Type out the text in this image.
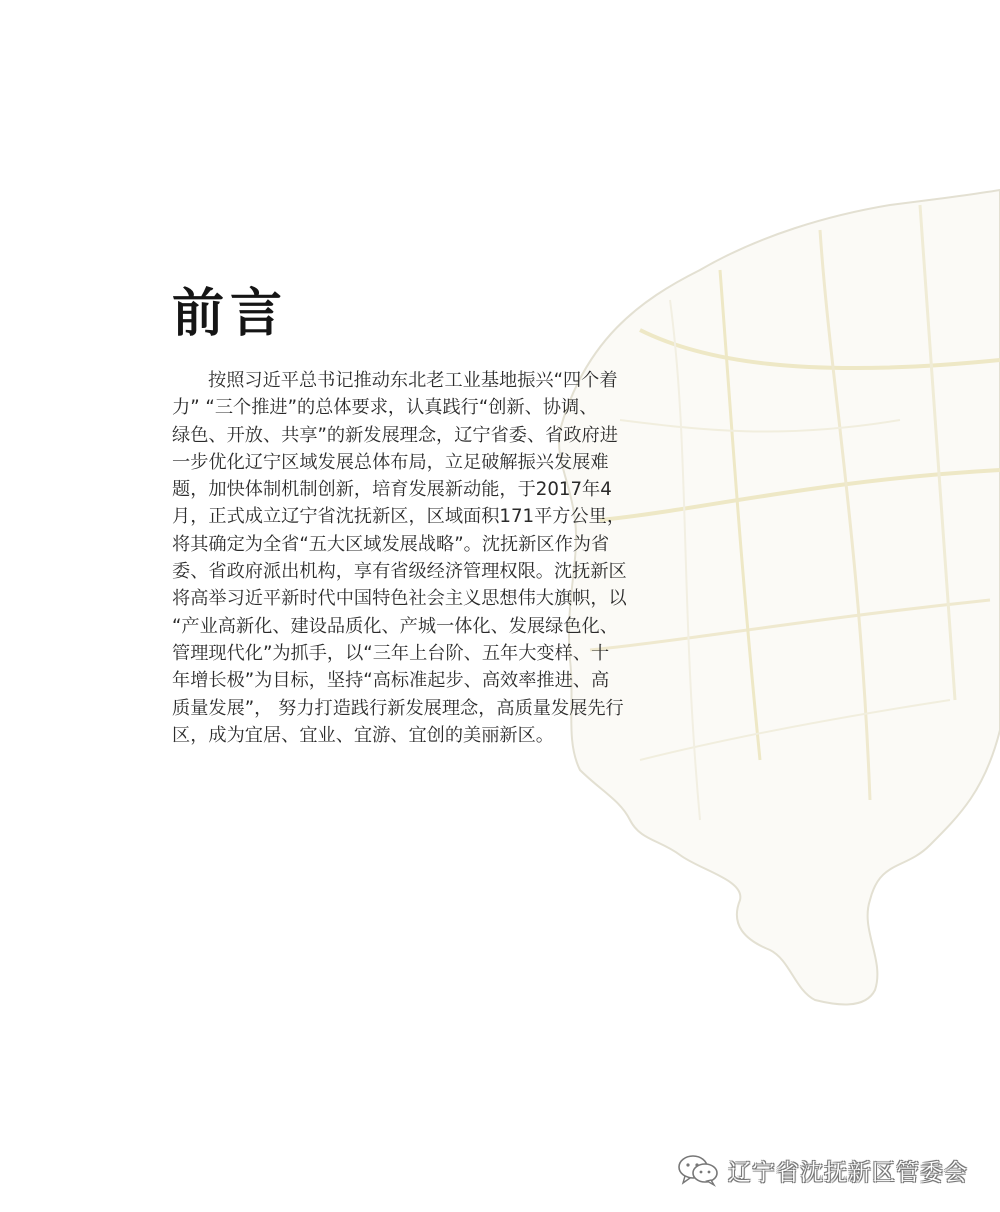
前言
按照习近平总书记推动东北老工业基地振兴“四个着
力” “三个推进”的总体要求，认真践行“创新、协调、
绿色、开放、共享”的新发展理念，辽宁省委、省政府进
一步优化辽宁区域发展总体布局，立足破解振兴发展难
题，加快体制机制创新，培育发展新动能，于2017年4
月，正式成立辽宁省沈抚新区，区域面积171平方公里，
将其确定为全省“五大区域发展战略”。沈抚新区作为省
委、省政府派出机构，享有省级经济管理权限。沈抚新区
将高举习近平新时代中国特色社会主义思想伟大旗帜，以
“产业高新化、建设品质化、产城一体化、发展绿色化、
管理现代化”为抓手，以“三年上台阶、五年大变样、十
年增长极”为目标，坚持“高标准起步、高效率推进、高
质量发展”， 努力打造践行新发展理念，高质量发展先行
区，成为宜居、宜业、宜游、宜创的美丽新区。
辽宁省沈抚新区管委会
